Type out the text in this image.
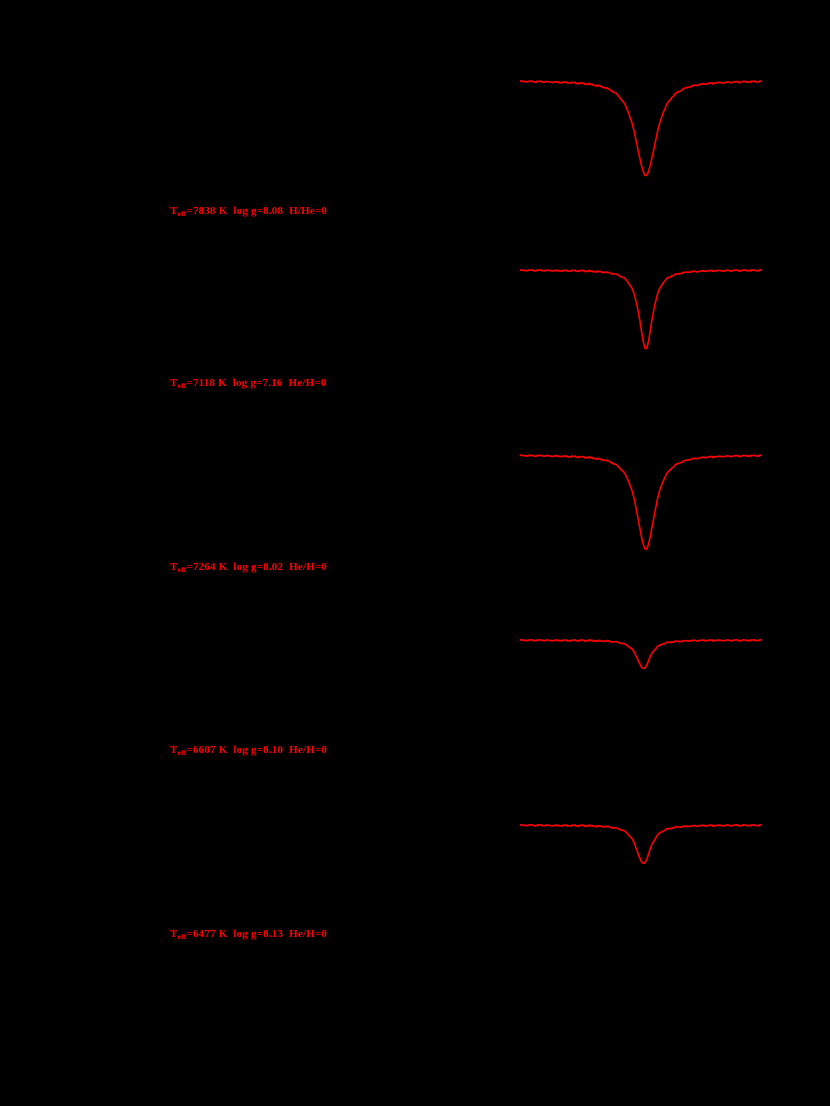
$T_{eff}=7838$ K log g=8.08 H/He=0
$T_{eff}=7118$ K log g=7.16 He/H=0
$T_{eff}=7264$ K log g=8.02 He/H=0
$T_{eff}=6607$ K log g=8.10 He/H=0
$T_{eff}=6477$ K log g=8.13 He/H=0
